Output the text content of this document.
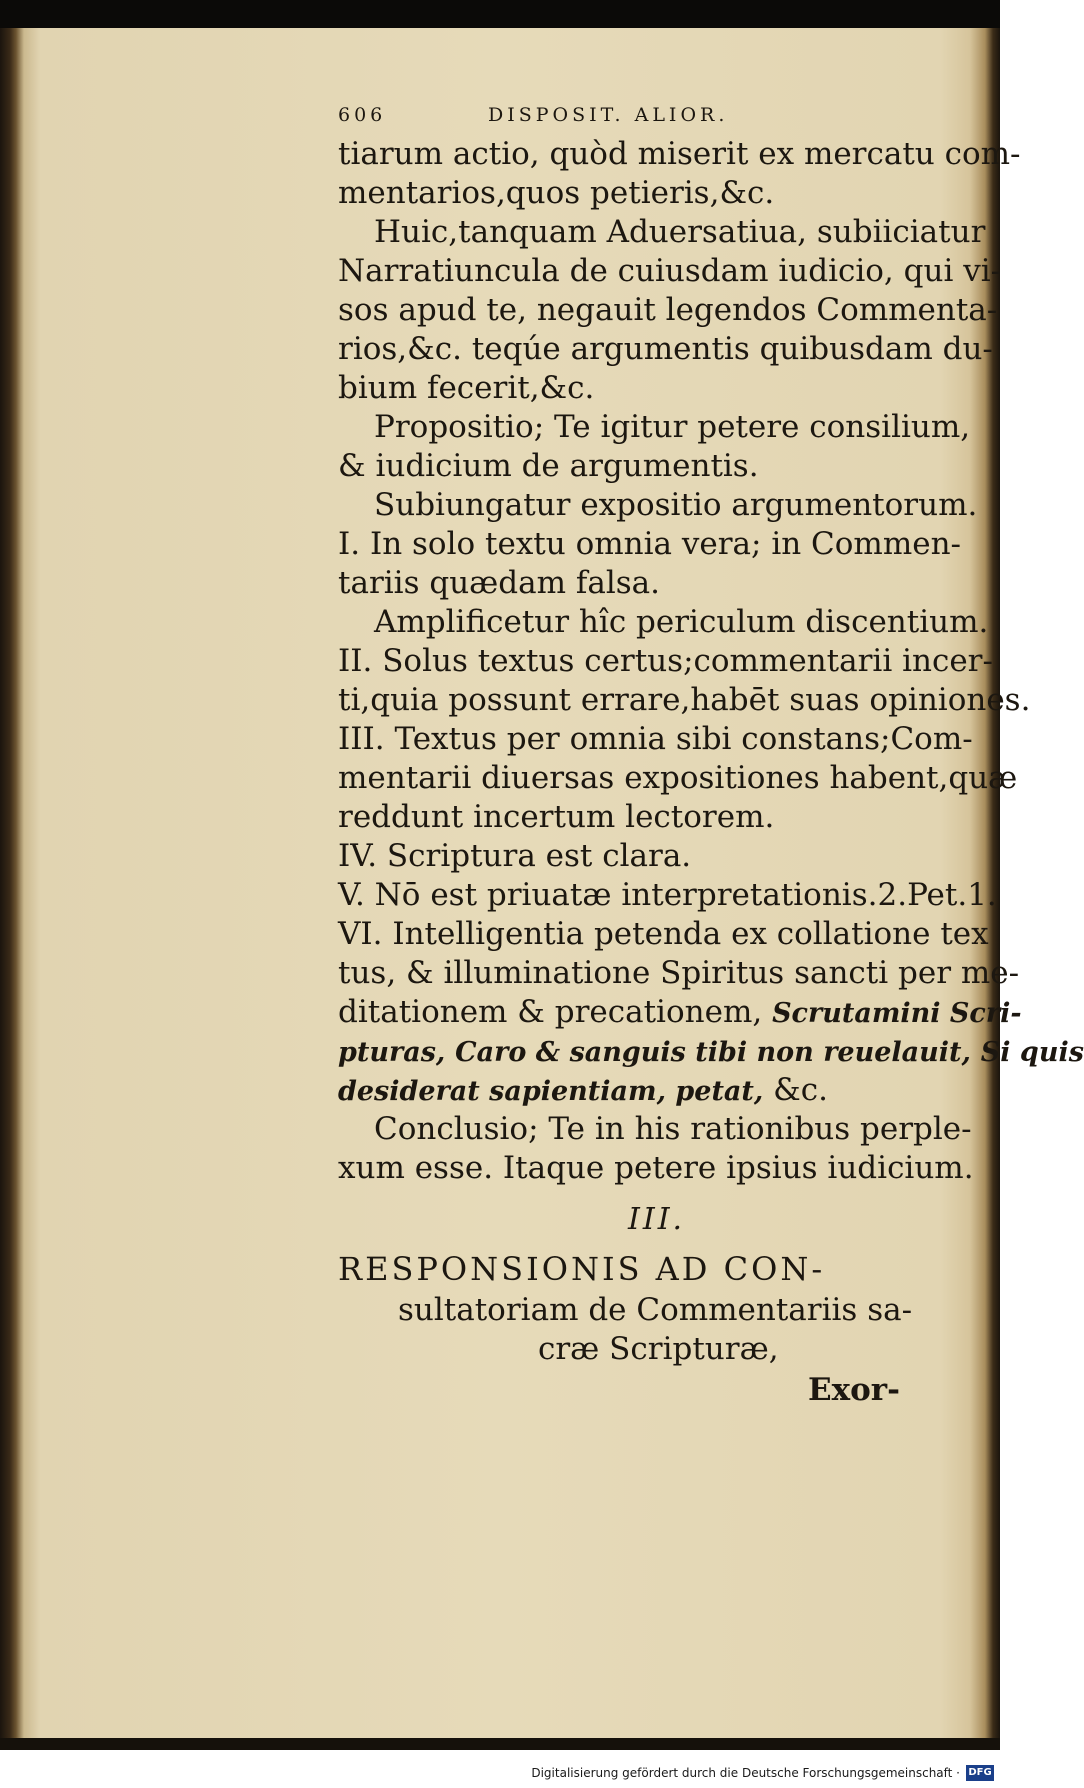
606	DISPOSIT. ALIOR.
tiarum actio, quòd miserit ex mercatu com-
mentarios,quos petieris,&c.
Huic,tanquam Aduersatiua, subiiciatur
Narratiuncula de cuiusdam iudicio, qui vi-
sos apud te, negauit legendos Commenta-
rios,&c. teqúe argumentis quibusdam du-
bium fecerit,&c.
Propositio; Te igitur petere consilium,
& iudicium de argumentis.
Subiungatur expositio argumentorum.
I. In solo textu omnia vera; in Commen-
tariis quædam falsa.
Amplificetur hîc periculum discentium.
II. Solus textus certus;commentarii incer-
ti,quia possunt errare,habēt suas opiniones.
III. Textus per omnia sibi constans;Com-
mentarii diuersas expositiones habent,quæ
reddunt incertum lectorem.
IV. Scriptura est clara.
V. Nō est priuatæ interpretationis.2.Pet.1.
VI. Intelligentia petenda ex collatione tex
tus, & illuminatione Spiritus sancti per me-
ditationem & precationem, Scrutamini Scri-
pturas, Caro & sanguis tibi non reuelauit, Si quis
desiderat sapientiam, petat, &c.
Conclusio; Te in his rationibus perple-
xum esse. Itaque petere ipsius iudicium.
III.
RESPONSIONIS AD CON-
sultatoriam de Commentariis sa-
cræ Scripturæ,
Exor-
Digitalisierung gefördert durch die Deutsche Forschungsgemeinschaft · DFG
